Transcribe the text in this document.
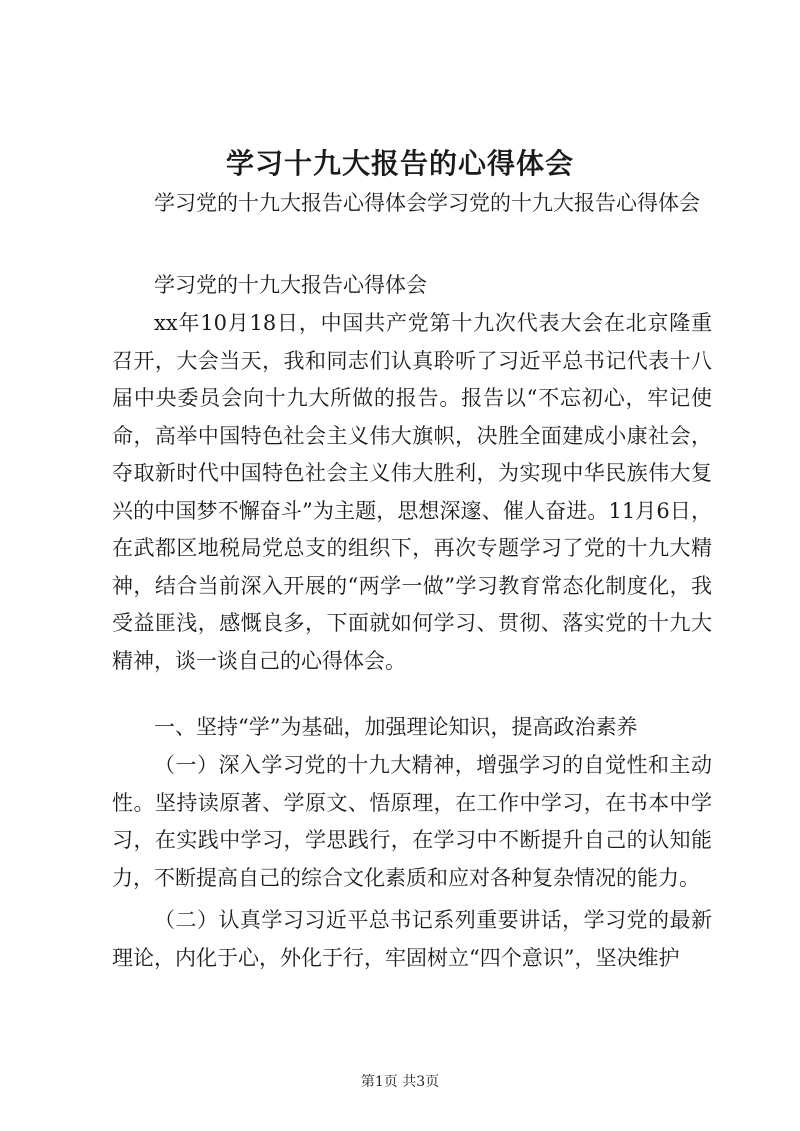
学习十九大报告的心得体会

学习党的十九大报告心得体会学习党的十九大报告心得体会

学习党的十九大报告心得体会

xx年10月18日，中国共产党第十九次代表大会在北京隆重召开，大会当天，我和同志们认真聆听了习近平总书记代表十八届中央委员会向十九大所做的报告。报告以“不忘初心，牢记使命，高举中国特色社会主义伟大旗帜，决胜全面建成小康社会，夺取新时代中国特色社会主义伟大胜利，为实现中华民族伟大复兴的中国梦不懈奋斗”为主题，思想深邃、催人奋进。11月6日，在武都区地税局党总支的组织下，再次专题学习了党的十九大精神，结合当前深入开展的“两学一做”学习教育常态化制度化，我受益匪浅，感慨良多，下面就如何学习、贯彻、落实党的十九大精神，谈一谈自己的心得体会。

一、坚持“学”为基础，加强理论知识，提高政治素养

（一）深入学习党的十九大精神，增强学习的自觉性和主动性。坚持读原著、学原文、悟原理，在工作中学习，在书本中学习，在实践中学习，学思践行，在学习中不断提升自己的认知能力，不断提高自己的综合文化素质和应对各种复杂情况的能力。

（二）认真学习习近平总书记系列重要讲话，学习党的最新理论，内化于心，外化于行，牢固树立“四个意识”，坚决维护

第1页 共3页
